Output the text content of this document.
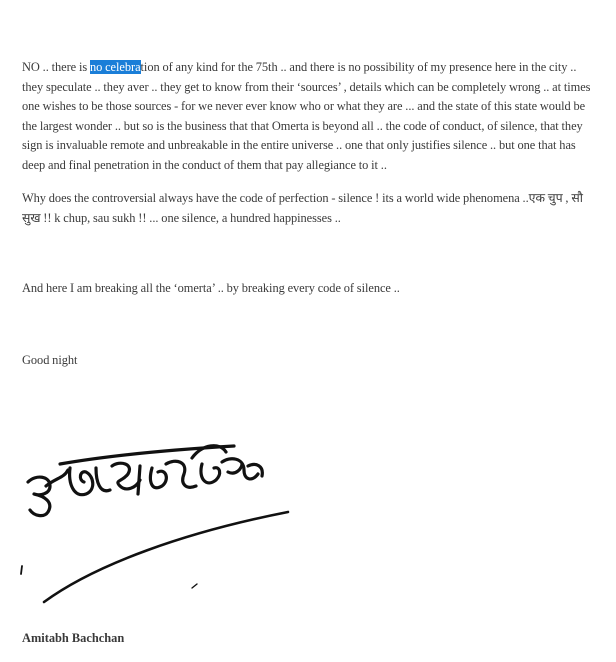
NO .. there is no celebration of any kind for the 75th .. and there is no possibility of my presence here in the city .. they speculate .. they aver .. they get to know from their ‘sources’ , details which can be completely wrong .. at times one wishes to be those sources - for we never ever know who or what they are ... and the state of this state would be the largest wonder .. but so is the business that that Omerta is beyond all .. the code of conduct, of silence, that they sign is invaluable remote and unbreakable in the entire universe .. one that only justifies silence .. but one that has deep and final penetration in the conduct of them that pay allegiance to it ..

Why does the controversial always have the code of perfection - silence ! its a world wide phenomena ..एक चुप , सौ सुख !! k chup, sau sukh !! ... one silence, a hundred happinesses ..

And here I am breaking all the ‘omerta’ .. by breaking every code of silence ..

Good night

Amitabh Bachchan
